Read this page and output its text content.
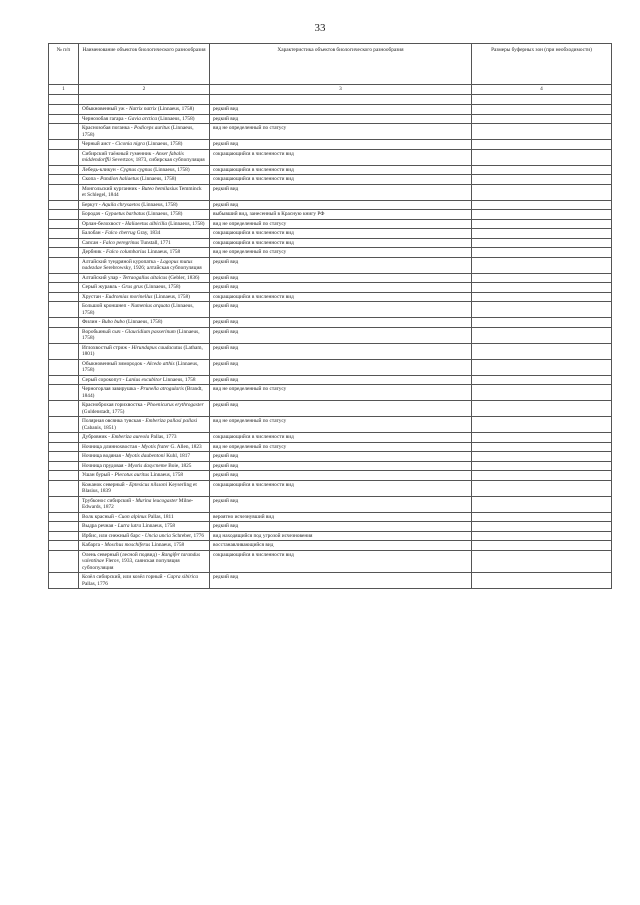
33
№ п/п	Наименование объектов биологического разнообразия	Характеристика объектов биологического разнообразия	Размеры буферных зон (при необходимости)
1	2	3	4

	Обыкновенный уж - Natrix natrix (Linnaeus, 1758)	редкий вид	
	Чернозобая гагара - Gavia arctica (Linnaeus, 1758)	редкий вид	
	Краснозобая поганка - Podiceps auritus (Linnaeus, 1758)	вид не определенный по статусу	
	Черный аист - Ciconia nigra (Linnaeus, 1758)	редкий вид	
	Сибирский таёжный гуменник - Anser fabalis middendorffii Severtzov, 1873, сибирская субпопуляция	сокращающийся в численности вид	
	Лебедь-кликун - Cygnus cygnus (Linnaeus, 1758)	сокращающийся в численности вид	
	Скопа - Pandion haliaetus (Linnaeus, 1758)	сокращающийся в численности вид	
	Монгольский курганник - Buteo hemilasius Temminck et Schlegel, 1844	редкий вид	
	Беркут - Aquila chrysaetos (Linnaeus, 1758)	редкий вид	
	Бородач - Gypaetus barbatus (Linnaeus, 1758)	выбывший вид, занесенный в Красную книгу РФ	
	Орлан-белохвост - Haliaeetus albicilla (Linnaeus, 1758)	вид не определенный по статусу	
	Балобан - Falco cherrug Gray, 1834	сокращающийся в численности вид	
	Сапсан - Falco peregrinus Tunstall, 1771	сокращающийся в численности вид	
	Дербник - Falco columbarius Linnaeus, 1758	вид не определенный по статусу	
	Алтайский тундряной куропатка - Lagopus mutus nadezdae Serebrowsky, 1926; алтайская субпопуляция	редкий вид	
	Алтайский улар - Tetraogallus altaicus (Gebler, 1836)	редкий вид	
	Серый журавль - Grus grus (Linnaeus, 1758)	редкий вид	
	Хрустан - Eudromias morinellus (Linnaeus, 1758)	сокращающийся в численности вид	
	Большой кроншнеп - Numenius arquata (Linnaeus, 1758)	редкий вид	
	Филин - Bubo bubo (Linnaeus, 1758)	редкий вид	
	Воробьиный сыч - Glaucidium passerinum (Linnaeus, 1758)	редкий вид	
	Иглохвостый стриж - Hirundapus caudacutus (Latham, 1801)	редкий вид	
	Обыкновенный зимородок - Alcedo atthis (Linnaeus, 1758)	редкий вид	
	Серый сорокопут - Lanius excubitor Linnaeus, 1758	редкий вид	
	Черногорлая завирушка - Prunella atrogularis (Brandt, 1844)	вид не определенный по статусу	
	Красноброхая горихвостка - Phoenicurus erythrogaster (Guldenstadt, 1775)	редкий вид	
	Полярная овсянка тувская - Emberiza pallasi pallasi (Cabanis, 1851)	вид не определенный по статусу	
	Дубровник - Emberiza aureola Pallas, 1773	сокращающийся в численности вид	
	Ночница длиннохвостая - Myotis frater G. Allen, 1823	вид не определенный по статусу	
	Ночница водяная - Myotis daubentoni Kuhl, 1817	редкий вид	
	Ночница прудовая - Myotis dasycneme Boie, 1825	редкий вид	
	Ушан бурый - Plecotus auritus Linnaeus, 1758	редкий вид	
	Кожанок северный - Eptesicus nilssoni Keyserling et Blasius, 1839	сокращающийся в численности вид	
	Трубконос сибирский - Murina leucogaster Milne-Edwards, 1872	редкий вид	
	Волк красный - Cuon alpinus Pallas, 1811	вероятно исчезнувший вид	
	Выдра речная - Lutra lutra Linnaeus, 1758	редкий вид	
	Ирбис, или снежный барс - Uncia uncia Schreber, 1776	вид находящийся под угрозой исчезновения	
	Кабарга - Moschus moschiferus Linnaeus, 1758	восстанавливающийся вид	
	Олень северный (лесной подвид) - Rangifer tarandus valentinae Flerov, 1933, саянская популяция субпопуляция	сокращающийся в численности вид	
	Козёл сибирский, или козёл горный - Capra sibirica Pallas, 1776	редкий вид	
